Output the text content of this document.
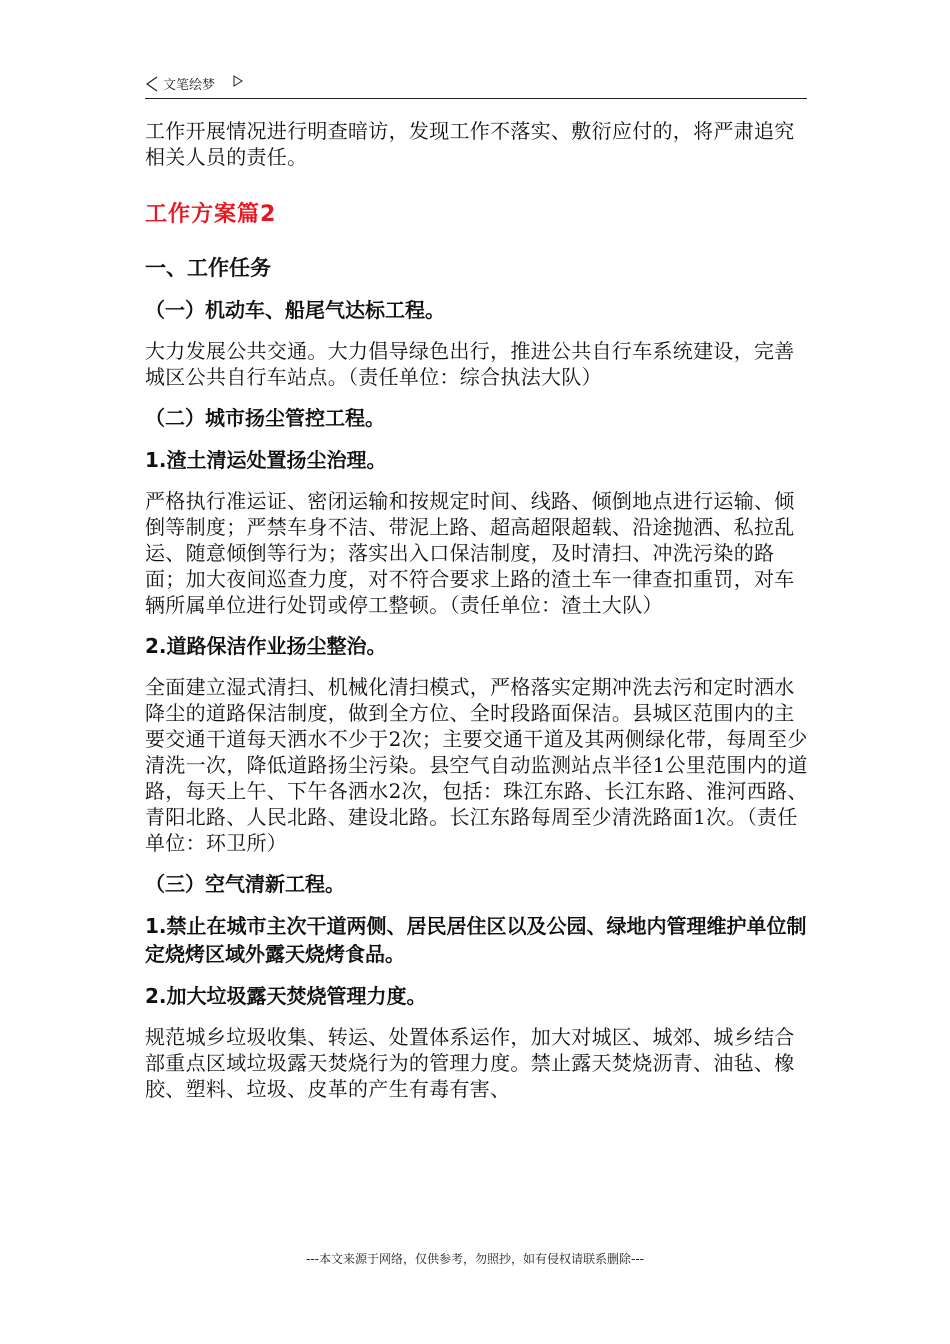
文笔绘梦

工作开展情况进行明查暗访，发现工作不落实、敷衍应付的，将严肃追究相关人员的责任。

工作方案篇2

一、工作任务

（一）机动车、船尾气达标工程。

大力发展公共交通。大力倡导绿色出行，推进公共自行车系统建设，完善城区公共自行车站点。（责任单位：综合执法大队）

（二）城市扬尘管控工程。

1.渣土清运处置扬尘治理。

严格执行准运证、密闭运输和按规定时间、线路、倾倒地点进行运输、倾倒等制度；严禁车身不洁、带泥上路、超高超限超载、沿途抛洒、私拉乱运、随意倾倒等行为；落实出入口保洁制度，及时清扫、冲洗污染的路面；加大夜间巡查力度，对不符合要求上路的渣土车一律查扣重罚，对车辆所属单位进行处罚或停工整顿。（责任单位：渣土大队）

2.道路保洁作业扬尘整治。

全面建立湿式清扫、机械化清扫模式，严格落实定期冲洗去污和定时洒水降尘的道路保洁制度，做到全方位、全时段路面保洁。县城区范围内的主要交通干道每天洒水不少于2次；主要交通干道及其两侧绿化带，每周至少清洗一次，降低道路扬尘污染。县空气自动监测站点半径1公里范围内的道路，每天上午、下午各洒水2次，包括：珠江东路、长江东路、淮河西路、青阳北路、人民北路、建设北路。长江东路每周至少清洗路面1次。（责任单位：环卫所）

（三）空气清新工程。

1.禁止在城市主次干道两侧、居民居住区以及公园、绿地内管理维护单位制定烧烤区域外露天烧烤食品。

2.加大垃圾露天焚烧管理力度。

规范城乡垃圾收集、转运、处置体系运作，加大对城区、城郊、城乡结合部重点区域垃圾露天焚烧行为的管理力度。禁止露天焚烧沥青、油毡、橡胶、塑料、垃圾、皮革的产生有毒有害、

---本文来源于网络，仅供参考，勿照抄，如有侵权请联系删除---
